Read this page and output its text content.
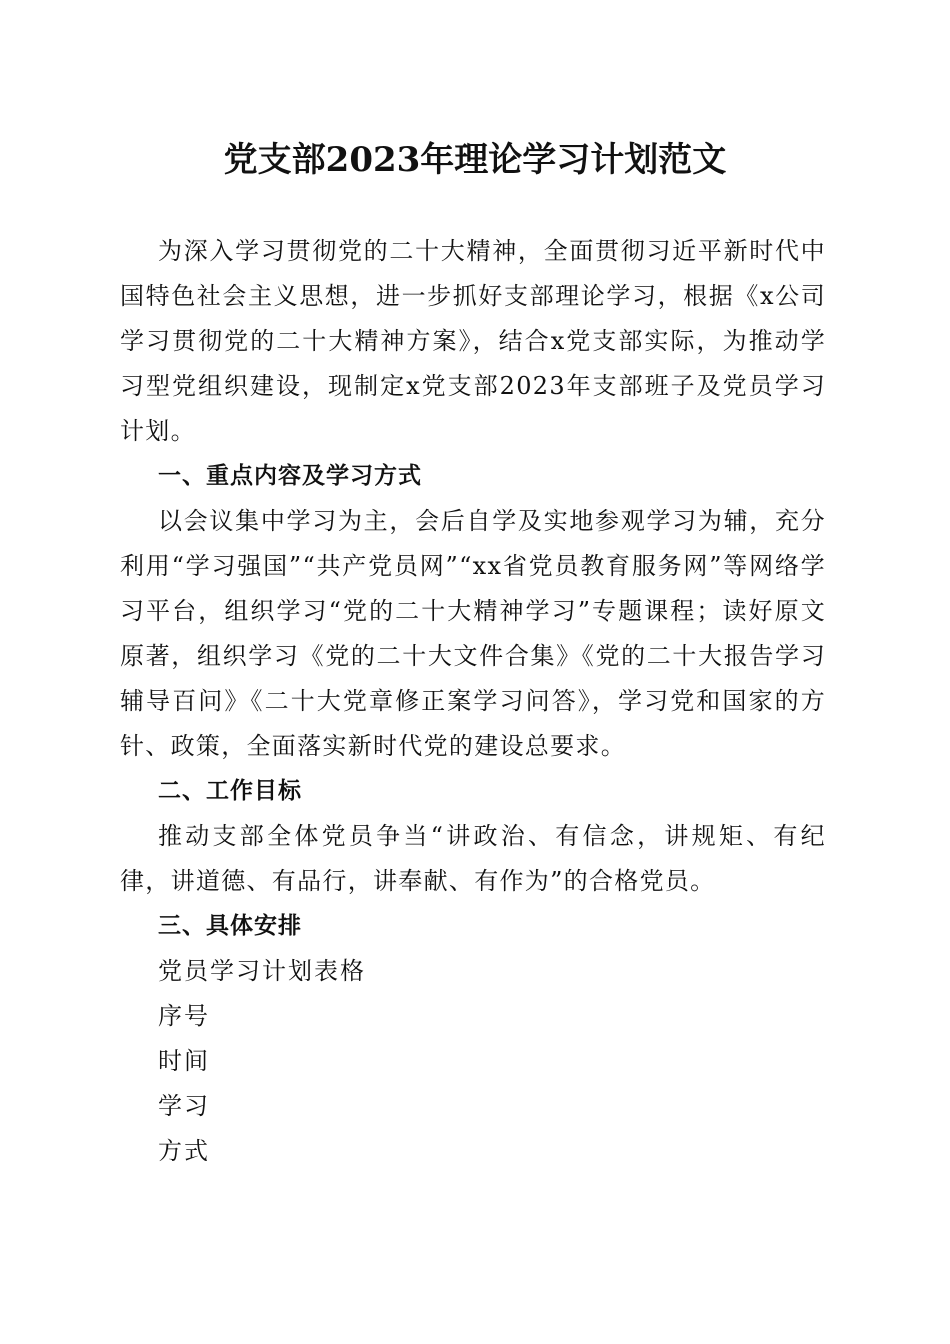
党支部2023年理论学习计划范文

为深入学习贯彻党的二十大精神，全面贯彻习近平新时代中国特色社会主义思想，进一步抓好支部理论学习，根据《x公司学习贯彻党的二十大精神方案》，结合x党支部实际，为推动学习型党组织建设，现制定x党支部2023年支部班子及党员学习计划。

一、重点内容及学习方式

以会议集中学习为主，会后自学及实地参观学习为辅，充分利用“学习强国”“共产党员网”“xx省党员教育服务网”等网络学习平台，组织学习“党的二十大精神学习”专题课程；读好原文原著，组织学习《党的二十大文件合集》《党的二十大报告学习辅导百问》《二十大党章修正案学习问答》，学习党和国家的方针、政策，全面落实新时代党的建设总要求。

二、工作目标

推动支部全体党员争当“讲政治、有信念，讲规矩、有纪律，讲道德、有品行，讲奉献、有作为”的合格党员。

三、具体安排
党员学习计划表格
序号
时间
学习
方式
